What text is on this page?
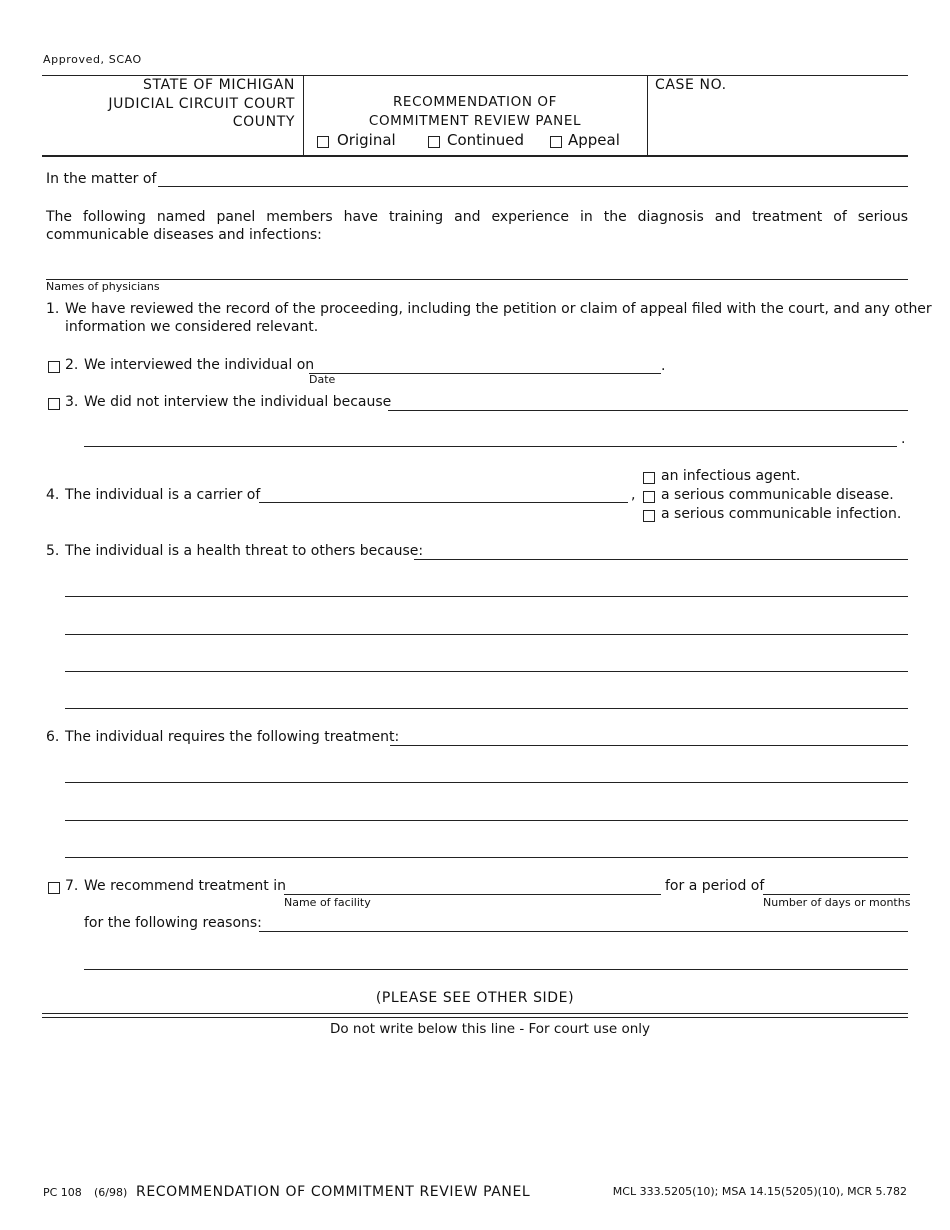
Approved, SCAO
STATE OF MICHIGAN
JUDICIAL CIRCUIT COURT
COUNTY
RECOMMENDATION OF
COMMITMENT REVIEW PANEL
Original	Continued	Appeal
CASE NO.
In the matter of
The following named panel members have training and experience in the diagnosis and treatment of serious communicable diseases and infections:
Names of physicians
1. We have reviewed the record of the proceeding, including the petition or claim of appeal filed with the court, and any other
information we considered relevant.
2. We interviewed the individual on	.
Date
3. We did not interview the individual because
.
4. The individual is a carrier of	,
an infectious agent.
a serious communicable disease.
a serious communicable infection.
5. The individual is a health threat to others because:
6. The individual requires the following treatment:
7. We recommend treatment in
Name of facility
for a period of
Number of days or months
for the following reasons:
(PLEASE SEE OTHER SIDE)
Do not write below this line - For court use only
PC 108 (6/98) RECOMMENDATION OF COMMITMENT REVIEW PANEL	MCL 333.5205(10); MSA 14.15(5205)(10), MCR 5.782
